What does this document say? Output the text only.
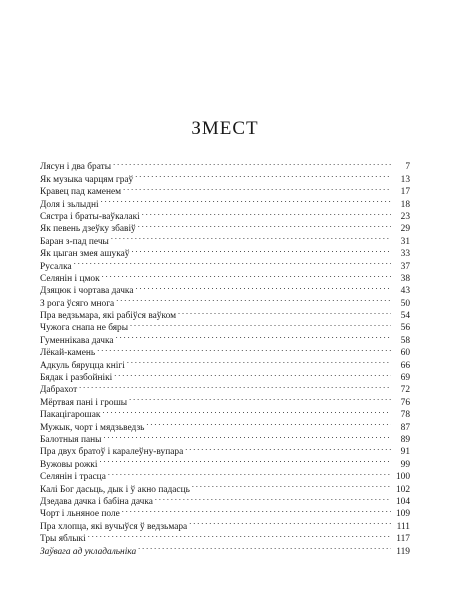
ЗМЕСТ
Лясун і два браты . . .	7
Як музыка чарцям граў . . .	13
Кравец пад каменем . . .	17
Доля і зьлыдні . . .	18
Сястра і браты-ваўкалакі . . .	23
Як певень дзеўку збавіў . . .	29
Баран з-пад печы . . .	31
Як цыган змея ашукаў . . .	33
Русалка . . .	37
Селянін і цмок . . .	38
Дзяцюк і чортава дачка . . .	43
З рога ўсяго многа . . .	50
Пра ведзьмара, які рабіўся ваўком . . .	54
Чужога снапа не бяры . . .	56
Гуменнікава дачка . . .	58
Лёкай-камень . . .	60
Адкуль бяруцца кнігі . . .	66
Бядак і разбойнікі . . .	69
Дабрахот . . .	72
Мёртвая пані і грошы . . .	76
Пакацігарошак . . .	78
Мужык, чорт і мядзьведзь . . .	87
Балотныя паны . . .	89
Пра двух братоў і каралеўну-вупара . . .	91
Вужовы рожкі . . .	99
Селянін і трасца . . .	100
Калі Бог дасьць, дык і ў акно падасць . . .	102
Дзедава дачка і бабіна дачка . . .	104
Чорт і льняное поле . . .	109
Пра хлопца, які вучыўся ў ведзьмара . . .	111
Тры яблыкі . . .	117
Заўвага ад укладальніка . . .	119
